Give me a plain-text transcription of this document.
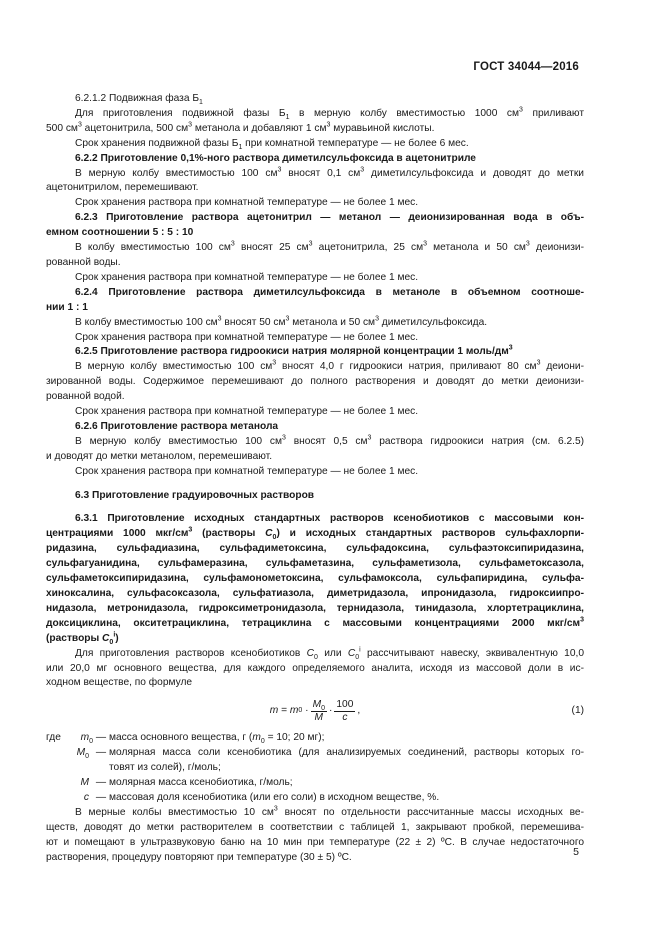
ГОСТ 34044—2016

6.2.1.2 Подвижная фаза $Б_1$

Для приготовления подвижной фазы $Б_1$ в мерную колбу вместимостью 1000 $см^3$ приливают

500 $см^3$ ацетонитрила, 500 $см^3$ метанола и добавляют 1 $см^3$ муравьиной кислоты.

Срок хранения подвижной фазы $Б_1$ при комнатной температуре — не более 6 мес.

6.2.2 Приготовление 0,1%-ного раствора диметилсульфоксида в ацетонитриле

В мерную колбу вместимостью 100 $см^3$ вносят 0,1 $см^3$ диметилсульфоксида и доводят до метки

ацетонитрилом, перемешивают.

Срок хранения раствора при комнатной температуре — не более 1 мес.

6.2.3 Приготовление раствора ацетонитрил — метанол — деионизированная вода в объ-

емном соотношении 5 : 5 : 10

В колбу вместимостью 100 $см^3$ вносят 25 $см^3$ ацетонитрила, 25 $см^3$ метанола и 50 $см^3$ деионизи-

рованной воды.

Срок хранения раствора при комнатной температуре — не более 1 мес.

6.2.4 Приготовление раствора диметилсульфоксида в метаноле в объемном соотноше-

нии 1 : 1

В колбу вместимостью 100 $см^3$ вносят 50 $см^3$ метанола и 50 $см^3$ диметилсульфоксида.

Срок хранения раствора при комнатной температуре — не более 1 мес.

6.2.5 Приготовление раствора гидроокиси натрия молярной концентрации 1 моль/$дм^3$

В мерную колбу вместимостью 100 $см^3$ вносят 4,0 г гидроокиси натрия, приливают 80 $см^3$ деиони-

зированной воды. Содержимое перемешивают до полного растворения и доводят до метки деионизи-

рованной водой.

Срок хранения раствора при комнатной температуре — не более 1 мес.

6.2.6 Приготовление раствора метанола

В мерную колбу вместимостью 100 $см^3$ вносят 0,5 $см^3$ раствора гидроокиси натрия (см. 6.2.5)

и доводят до метки метанолом, перемешивают.

Срок хранения раствора при комнатной температуре — не более 1 мес.

6.3 Приготовление градуировочных растворов

6.3.1 Приготовление исходных стандартных растворов ксенобиотиков с массовыми кон-

центрациями 1000 мкг/$см^3$ (растворы $C_0$) и исходных стандартных растворов сульфахлорпи-

ридазина, сульфадиазина, сульфадиметоксина, сульфадоксина, сульфаэтоксипиридазина,

сульфагуанидина, сульфамеразина, сульфаметазина, сульфаметизола, сульфаметоксазола,

сульфаметоксипиридазина, сульфамонометоксина, сульфамоксола, сульфапиридина, сульфа-

хиноксалина, сульфасоксазола, сульфатиазола, диметридазола, ипронидазола, гидроксиипро-

нидазола, метронидазола, гидроксиметронидазола, тернидазола, тинидазола, хлортетрациклина,

доксициклина, окситетрациклина, тетрациклина с массовыми концентрациями 2000 мкг/$см^3$

(растворы $C_0^i$)

Для приготовления растворов ксенобиотиков $C_0$ или $C_0^i$ рассчитывают навеску, эквивалентную 10,0

или 20,0 мг основного вещества, для каждого определяемого аналита, исходя из массовой доли в ис-

ходном веществе, по формуле

m
=
m 0
· $\frac{M_0}{M} \cdot \frac{100}{c}$ ,	(1)
где	$m_0$ — масса основного вещества, г ($m_0 = 10$; 20 мг);
$M_0$ — молярная масса соли ксенобиотика (для анализируемых соединений, растворы которых го-
товят из солей), г/моль;
M — молярная масса ксенобиотика, г/моль;
c — массовая доля ксенобиотика (или его соли) в исходном веществе, %.

В мерные колбы вместимостью 10 $см^3$ вносят по отдельности рассчитанные массы исходных ве-

ществ, доводят до метки растворителем в соответствии с таблицей 1, закрывают пробкой, перемешива-

ют и помещают в ультразвуковую баню на 10 мин при температуре (22 ± 2) ºС. В случае недостаточного

растворения, процедуру повторяют при температуре (30 ± 5) ºС.	5
